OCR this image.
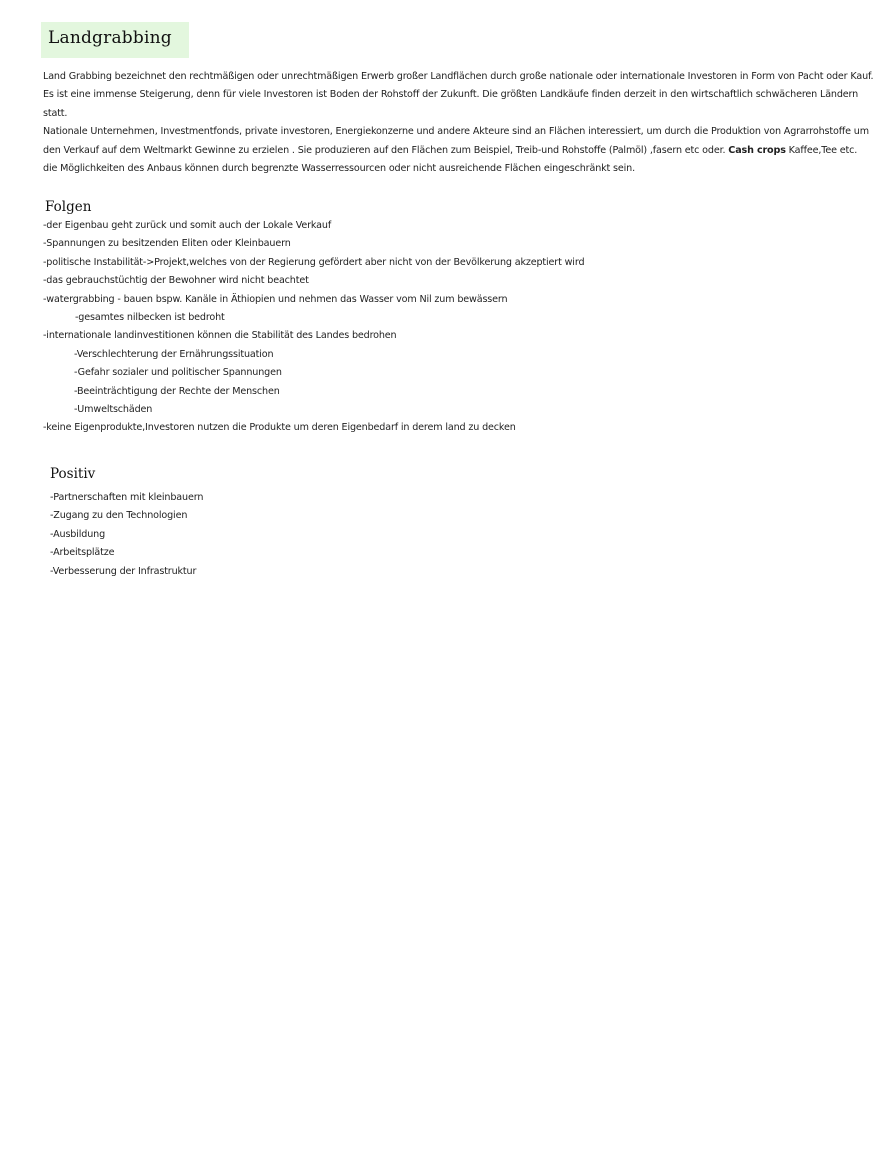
Landgrabbing

Land Grabbing bezeichnet den rechtmäßigen oder unrechtmäßigen Erwerb großer Landflächen durch große nationale oder internationale Investoren in Form von Pacht oder Kauf.

Es ist eine immense Steigerung, denn für viele Investoren ist Boden der Rohstoff der Zukunft. Die größten Landkäufe finden derzeit in den wirtschaftlich schwächeren Ländern

statt.

Nationale Unternehmen, Investmentfonds, private investoren, Energiekonzerne und andere Akteure sind an Flächen interessiert, um durch die Produktion von Agrarrohstoffe um

den Verkauf auf dem Weltmarkt Gewinne zu erzielen . Sie produzieren auf den Flächen zum Beispiel, Treib-und Rohstoffe (Palmöl) ,fasern etc oder. Cash crops Kaffee,Tee etc.

die Möglichkeiten des Anbaus können durch begrenzte Wasserressourcen oder nicht ausreichende Flächen eingeschränkt sein.

Folgen
-der Eigenbau geht zurück und somit auch der Lokale Verkauf
-Spannungen zu besitzenden Eliten oder Kleinbauern
-politische Instabilität->Projekt,welches von der Regierung gefördert aber nicht von der Bevölkerung akzeptiert wird
-das gebrauchstüchtig der Bewohner wird nicht beachtet
-watergrabbing - bauen bspw. Kanäle in Äthiopien und nehmen das Wasser vom Nil zum bewässern
-gesamtes nilbecken ist bedroht
-internationale landinvestitionen können die Stabilität des Landes bedrohen
-Verschlechterung der Ernährungssituation
-Gefahr sozialer und politischer Spannungen
-Beeinträchtigung der Rechte der Menschen
-Umweltschäden
-keine Eigenprodukte,Investoren nutzen die Produkte um deren Eigenbedarf in derem land zu decken
Positiv
-Partnerschaften mit kleinbauern
-Zugang zu den Technologien
-Ausbildung
-Arbeitsplätze
-Verbesserung der Infrastruktur
